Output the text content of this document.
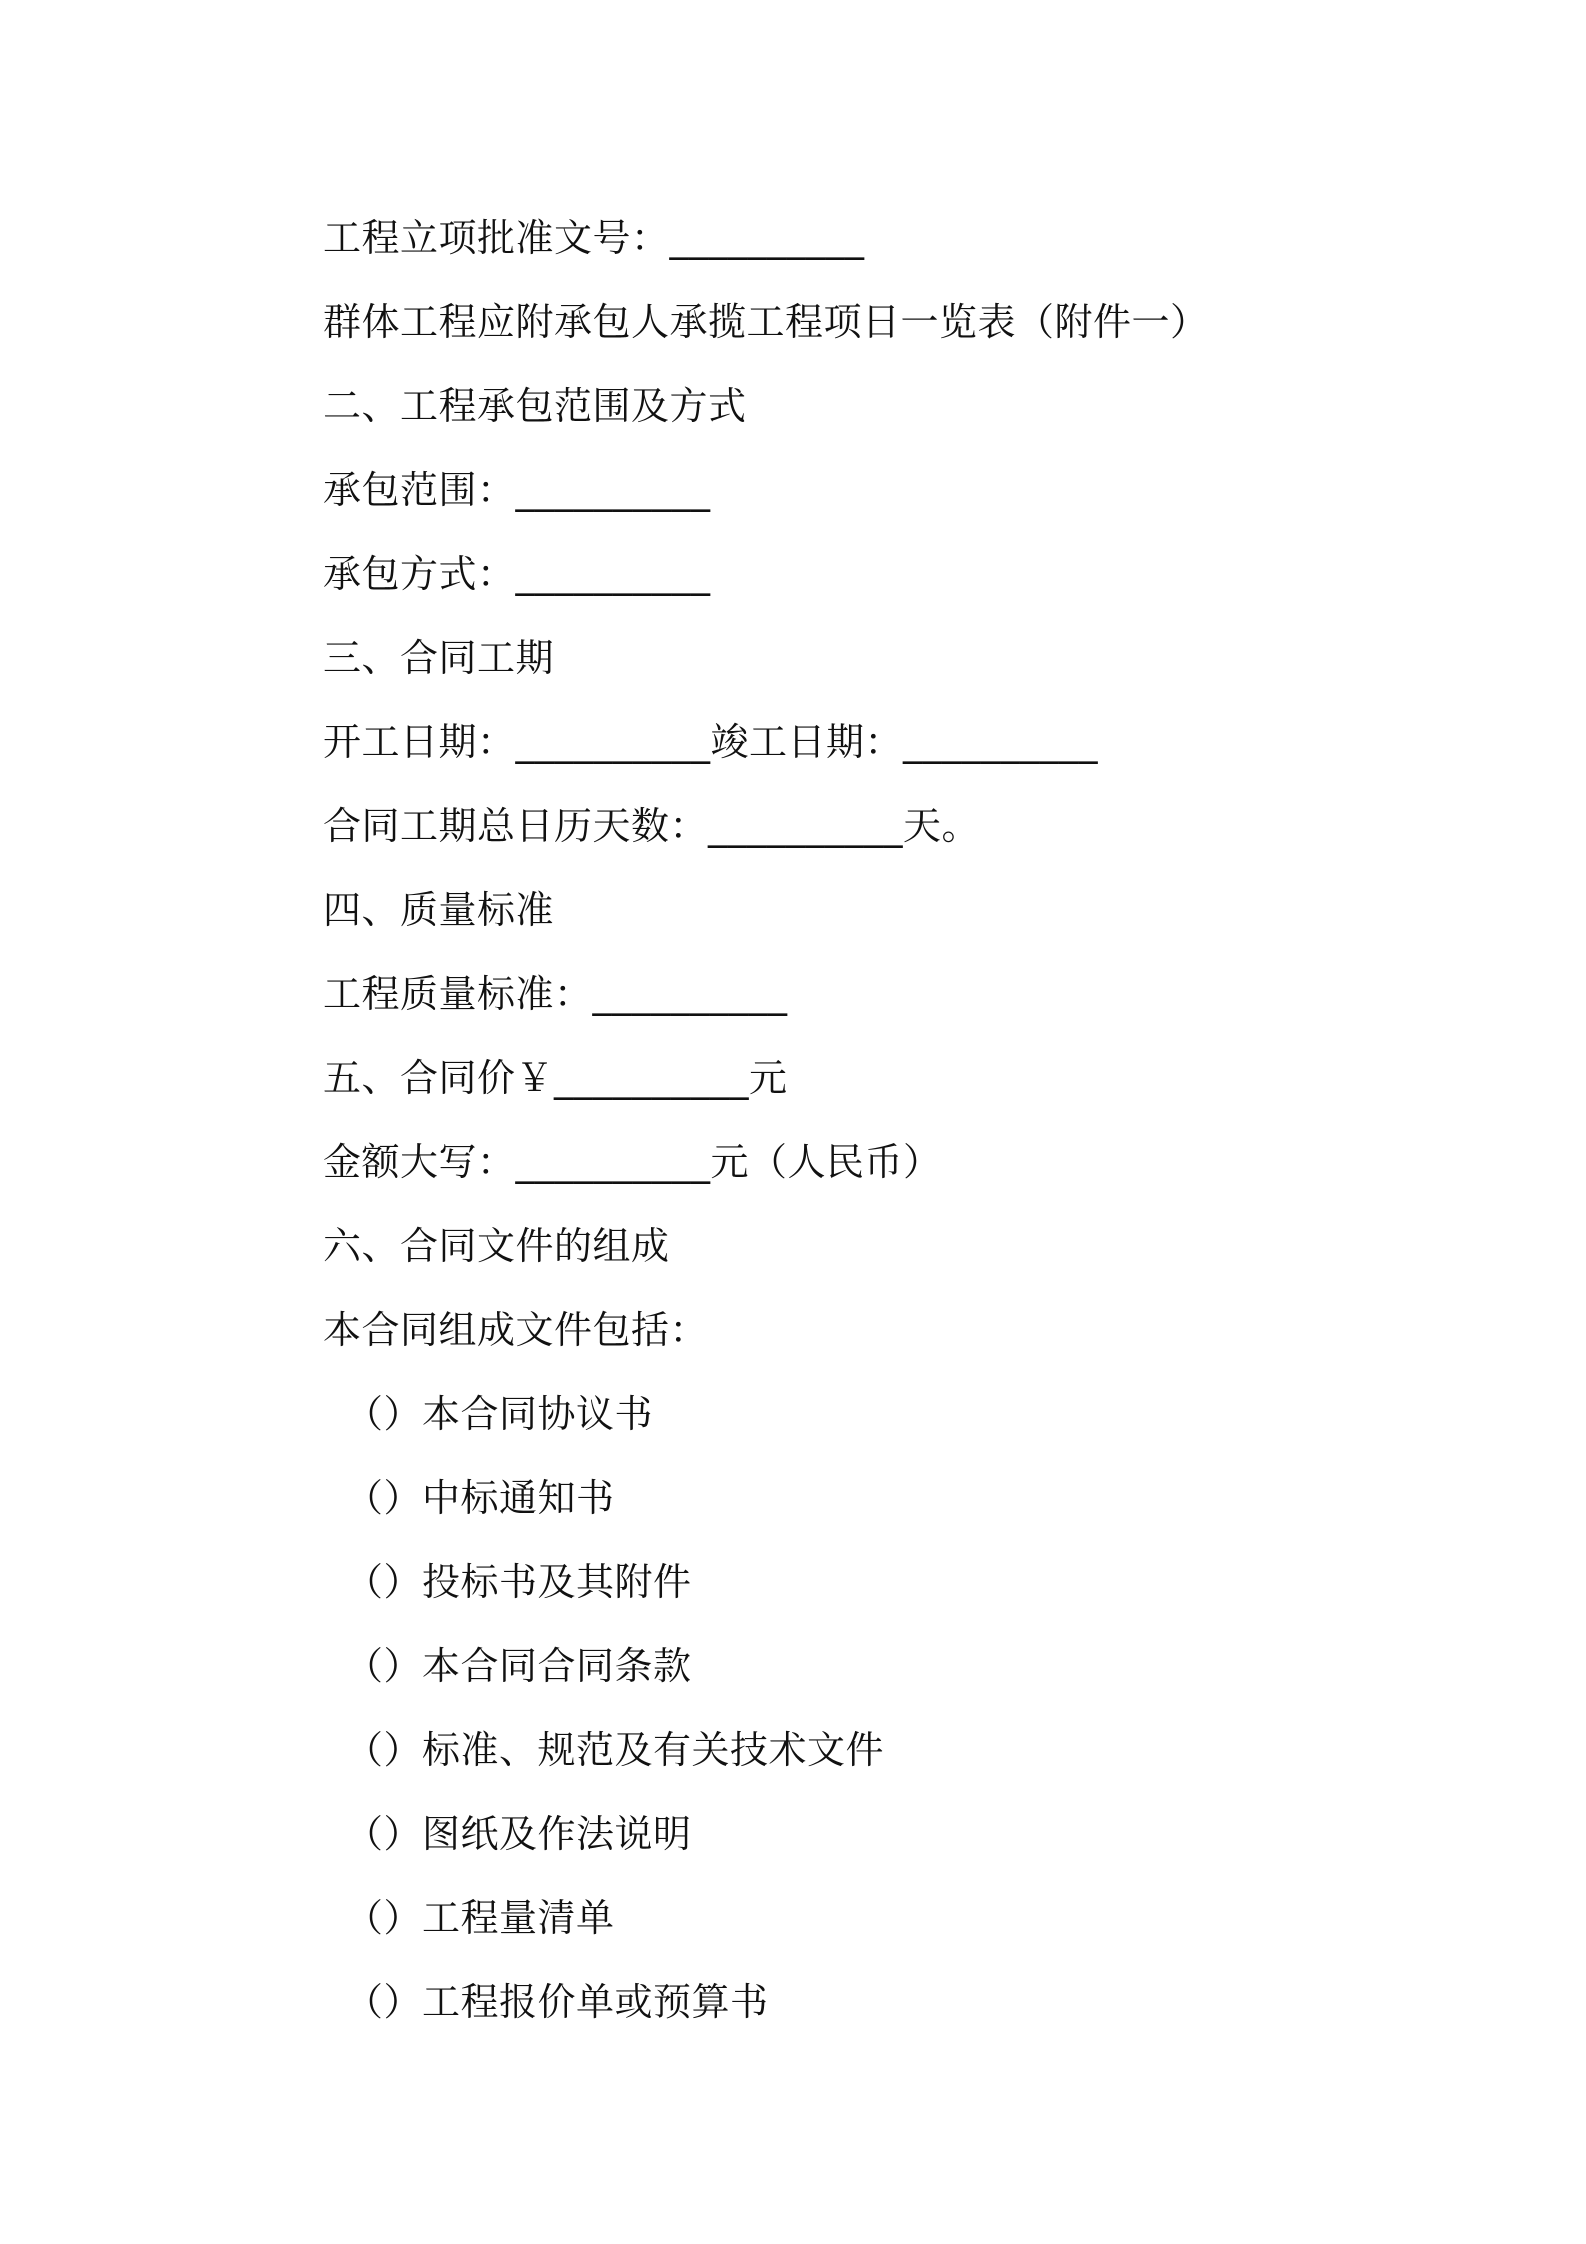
工程立项批准文号：__________
群体工程应附承包人承揽工程项日一览表（附件一）
二、工程承包范围及方式
承包范围：__________
承包方式：__________
三、合同工期
开工日期：__________竣工日期：__________
合同工期总日历天数：__________天。
四、质量标准
工程质量标准：__________
五、合同价￥__________元
金额大写：__________元（人民币）
六、合同文件的组成
本合同组成文件包括：
（）本合同协议书
（）中标通知书
（）投标书及其附件
（）本合同合同条款
（）标准、规范及有关技术文件
（）图纸及作法说明
（）工程量清单
（）工程报价单或预算书
